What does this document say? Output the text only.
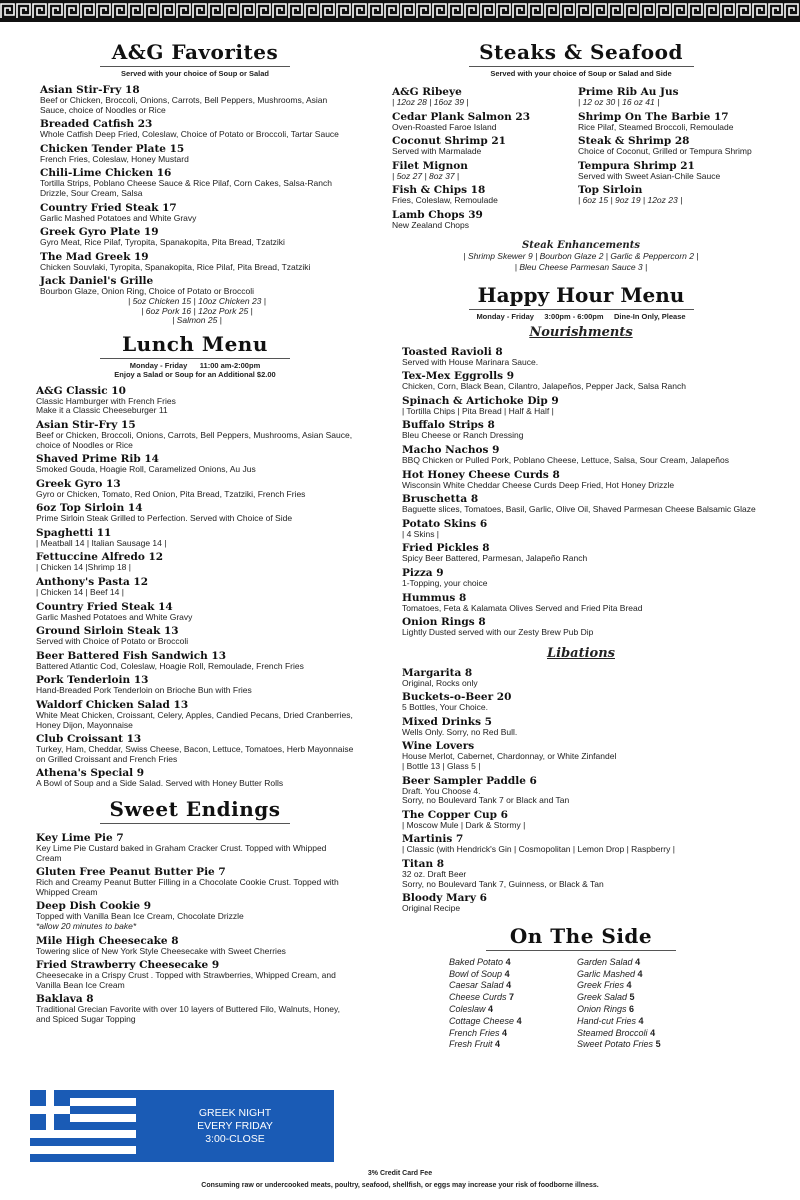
A&G Favorites
Served with your choice of Soup or Salad
Asian Stir-Fry 18
Beef or Chicken, Broccoli, Onions, Carrots, Bell Peppers, Mushrooms, Asian Sauce, choice of Noodles or Rice
Breaded Catfish 23
Whole Catfish Deep Fried, Coleslaw, Choice of Potato or Broccoli, Tartar Sauce
Chicken Tender Plate 15
French Fries, Coleslaw, Honey Mustard
Chili-Lime Chicken 16
Tortilla Strips, Poblano Cheese Sauce & Rice Pilaf, Corn Cakes, Salsa-Ranch Drizzle, Sour Cream, Salsa
Country Fried Steak 17
Garlic Mashed Potatoes and White Gravy
Greek Gyro Plate 19
Gyro Meat, Rice Pilaf, Tyropita, Spanakopita, Pita Bread, Tzatziki
The Mad Greek 19
Chicken Souvlaki, Tyropita, Spanakopita, Rice Pilaf, Pita Bread, Tzatziki
Jack Daniel's Grille
Bourbon Glaze, Onion Ring, Choice of Potato or Broccoli
| 5oz Chicken 15 | 10oz Chicken 23 |
| 6oz Pork 16 | 12oz Pork 25 |
| Salmon 25 |
Lunch Menu
Monday - Friday 11:00 am-2:00pm
Enjoy a Salad or Soup for an Additional $2.00
A&G Classic 10
Classic Hamburger with French Fries
Make it a Classic Cheeseburger 11
Asian Stir-Fry 15
Beef or Chicken, Broccoli, Onions, Carrots, Bell Peppers, Mushrooms, Asian Sauce, choice of Noodles or Rice
Shaved Prime Rib 14
Smoked Gouda, Hoagie Roll, Caramelized Onions, Au Jus
Greek Gyro 13
Gyro or Chicken, Tomato, Red Onion, Pita Bread, Tzatziki, French Fries
6oz Top Sirloin 14
Prime Sirloin Steak Grilled to Perfection. Served with Choice of Side
Spaghetti 11
| Meatball 14 | Italian Sausage 14 |
Fettuccine Alfredo 12
| Chicken 14 |Shrimp 18 |
Anthony's Pasta 12
| Chicken 14 | Beef 14 |
Country Fried Steak 14
Garlic Mashed Potatoes and White Gravy
Ground Sirloin Steak 13
Served with Choice of Potato or Broccoli
Beer Battered Fish Sandwich 13
Battered Atlantic Cod, Coleslaw, Hoagie Roll, Remoulade, French Fries
Pork Tenderloin 13
Hand-Breaded Pork Tenderloin on Brioche Bun with Fries
Waldorf Chicken Salad 13
White Meat Chicken, Croissant, Celery, Apples, Candied Pecans, Dried Cranberries, Honey Dijon, Mayonnaise
Club Croissant 13
Turkey, Ham, Cheddar, Swiss Cheese, Bacon, Lettuce, Tomatoes, Herb Mayonnaise on Grilled Croissant and French Fries
Athena's Special 9
A Bowl of Soup and a Side Salad. Served with Honey Butter Rolls
Sweet Endings
Key Lime Pie 7
Key Lime Pie Custard baked in Graham Cracker Crust. Topped with Whipped Cream
Gluten Free Peanut Butter Pie 7
Rich and Creamy Peanut Butter Filling in a Chocolate Cookie Crust. Topped with Whipped Cream
Deep Dish Cookie 9
Topped with Vanilla Bean Ice Cream, Chocolate Drizzle
*allow 20 minutes to bake*
Mile High Cheesecake 8
Towering slice of New York Style Cheesecake with Sweet Cherries
Fried Strawberry Cheesecake 9
Cheesecake in a Crispy Crust . Topped with Strawberries, Whipped Cream, and Vanilla Bean Ice Cream
Baklava 8
Traditional Grecian Favorite with over 10 layers of Buttered Filo, Walnuts, Honey, and Spiced Sugar Topping
GREEK NIGHT
EVERY FRIDAY
3:00-CLOSE
Steaks & Seafood
Served with your choice of Soup or Salad and Side
A&G Ribeye
| 12oz 28 | 16oz 39 |
Cedar Plank Salmon 23
Oven-Roasted Faroe Island
Coconut Shrimp 21
Served with Marmalade
Filet Mignon
| 5oz 27 | 8oz 37 |
Fish & Chips 18
Fries, Coleslaw, Remoulade
Lamb Chops 39
New Zealand Chops
Prime Rib Au Jus
| 12 oz 30 | 16 oz 41 |
Shrimp On The Barbie 17
Rice Pilaf, Steamed Broccoli, Remoulade
Steak & Shrimp 28
Choice of Coconut, Grilled or Tempura Shrimp
Tempura Shrimp 21
Served with Sweet Asian-Chile Sauce
Top Sirloin
| 6oz 15 | 9oz 19 | 12oz 23 |
Steak Enhancements
| Shrimp Skewer 9 | Bourbon Glaze 2 | Garlic & Peppercorn 2 |
| Bleu Cheese Parmesan Sauce 3 |
Happy Hour Menu
Monday - Friday 3:00pm - 6:00pm Dine-In Only, Please
Nourishments
Toasted Ravioli 8
Served with House Marinara Sauce.
Tex-Mex Eggrolls 9
Chicken, Corn, Black Bean, Cilantro, Jalapeños, Pepper Jack, Salsa Ranch
Spinach & Artichoke Dip 9
| Tortilla Chips | Pita Bread | Half & Half |
Buffalo Strips 8
Bleu Cheese or Ranch Dressing
Macho Nachos 9
BBQ Chicken or Pulled Pork, Poblano Cheese, Lettuce, Salsa, Sour Cream, Jalapeños
Hot Honey Cheese Curds 8
Wisconsin White Cheddar Cheese Curds Deep Fried, Hot Honey Drizzle
Bruschetta 8
Baguette slices, Tomatoes, Basil, Garlic, Olive Oil, Shaved Parmesan Cheese Balsamic Glaze
Potato Skins 6
| 4 Skins |
Fried Pickles 8
Spicy Beer Battered, Parmesan, Jalapeño Ranch
Pizza 9
1-Topping, your choice
Hummus 8
Tomatoes, Feta & Kalamata Olives Served and Fried Pita Bread
Onion Rings 8
Lightly Dusted served with our Zesty Brew Pub Dip
Libations
Margarita 8
Original, Rocks only
Buckets-o-Beer 20
5 Bottles, Your Choice.
Mixed Drinks 5
Wells Only. Sorry, no Red Bull.
Wine Lovers
House Merlot, Cabernet, Chardonnay, or White Zinfandel
| Bottle 13 | Glass 5 |
Beer Sampler Paddle 6
Draft. You Choose 4.
Sorry, no Boulevard Tank 7 or Black and Tan
The Copper Cup 6
| Moscow Mule | Dark & Stormy |
Martinis 7
| Classic (with Hendrick's Gin | Cosmopolitan | Lemon Drop | Raspberry |
Titan 8
32 oz. Draft Beer
Sorry, no Boulevard Tank 7, Guinness, or Black & Tan
Bloody Mary 6
Original Recipe
On The Side
Baked Potato 4
Bowl of Soup 4
Caesar Salad 4
Cheese Curds 7
Coleslaw 4
Cottage Cheese 4
French Fries 4
Fresh Fruit 4
Garden Salad 4
Garlic Mashed 4
Greek Fries 4
Greek Salad 5
Onion Rings 6
Hand-cut Fries 4
Steamed Broccoli 4
Sweet Potato Fries 5
3% Credit Card Fee
Consuming raw or undercooked meats, poultry, seafood, shellfish, or eggs may increase your risk of foodborne illness.
